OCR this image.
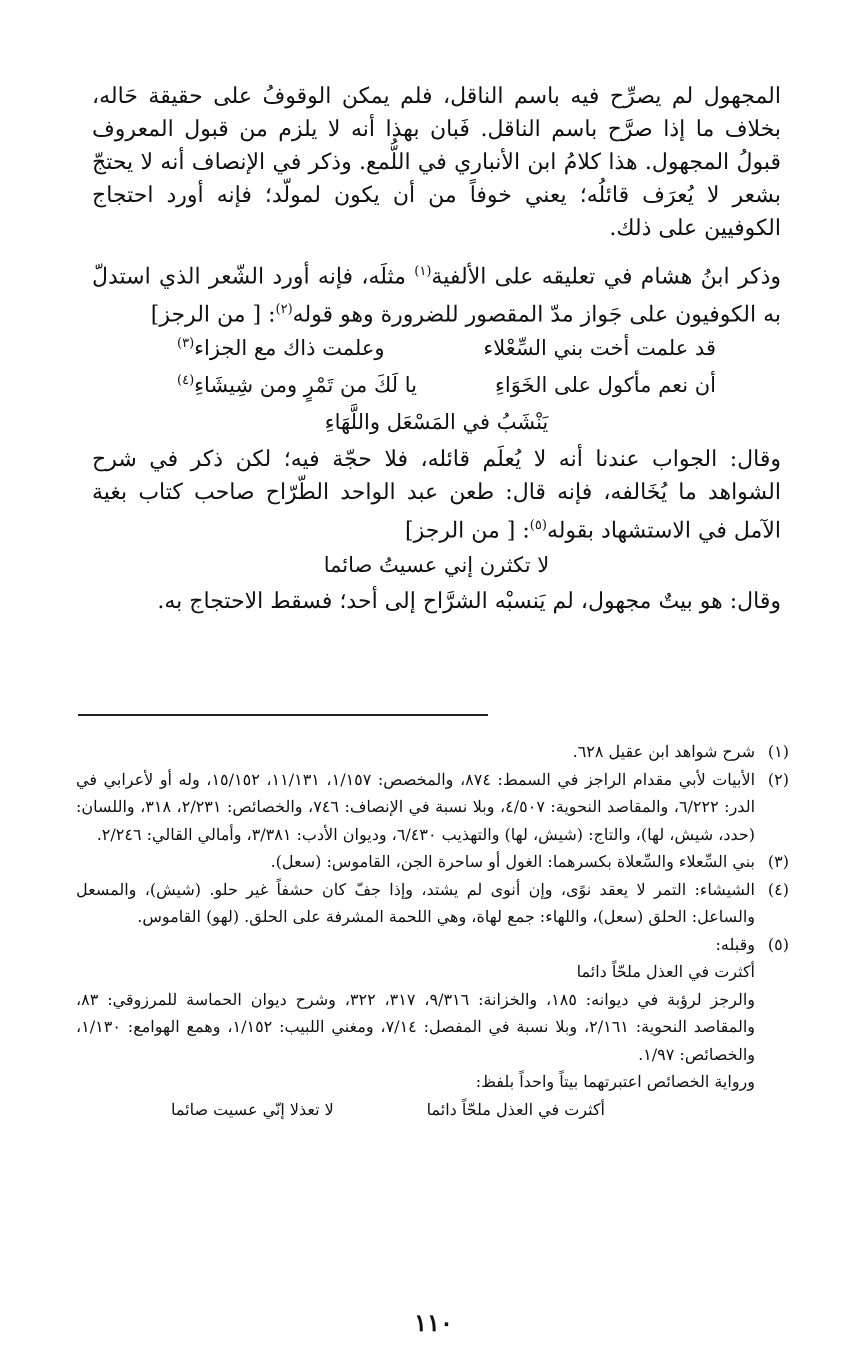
المجهول لم يصرِّح فيه باسم الناقل، فلم يمكن الوقوفُ على حقيقة حَاله، بخلاف ما إذا صرَّح باسم الناقل. فَبان بهذا أنه لا يلزم من قبول المعروف قبولُ المجهول. هذا كلامُ ابن الأنباري في اللُّمع. وذكر في الإنصاف أنه لا يحتجّ بشعر لا يُعرَف قائلُه؛ يعني خوفاً من أن يكون لمولّد؛ فإنه أورد احتجاج الكوفيين على ذلك.

وذكر ابنُ هشام في تعليقه على الألفية$^{(١)}$ مثلَه، فإنه أورد الشّعر الذي استدلّ به الكوفيون على جَواز مدّ المقصور للضرورة وهو قوله$^{(٢)}$: [ من الرجز]

قد علمت أخت بني السِّعْلاء
وعلمت ذاك مع الجزاء$^{(٣)}$
أن نعم مأكول على الخَوَاءِ
يا لَكَ من تَمْرٍ ومن شِيشَاءِ$^{(٤)}$
يَنْشَبُ في المَسْعَل واللَّهَاءِ

وقال: الجواب عندنا أنه لا يُعلَم قائله، فلا حجّة فيه؛ لكن ذكر في شرح الشواهد ما يُخَالفه، فإنه قال: طعن عبد الواحد الطّرّاح صاحب كتاب بغية الآمل في الاستشهاد بقوله$^{(٥)}$: [ من الرجز]

لا تكثرن إني عسيتُ صائما

وقال: هو بيتٌ مجهول، لم يَنسبْه الشرَّاح إلى أحد؛ فسقط الاحتجاج به.

(١)
شرح شواهد ابن عقيل ٦٢٨.
(٢)
الأبيات لأبي مقدام الراجز في السمط: ٨٧٤، والمخصص: ١/١٥٧، ١١/١٣١، ١٥/١٥٢، وله أو لأعرابي في الدر: ٦/٢٢٢، والمقاصد النحوية: ٤/٥٠٧، وبلا نسبة في الإنصاف: ٧٤٦، والخصائص: ٢/٢٣١، ٣١٨، واللسان: (حدد، شيش، لها)، والتاج: (شيش، لها) والتهذيب ٦/٤٣٠، وديوان الأدب: ٣/٣٨١، وأمالي القالي: ٢/٢٤٦.
(٣)
بني السِّعلاء والسِّعلاة بكسرهما: الغول أو ساحرة الجن، القاموس: (سعل).
(٤)
الشيشاء: التمر لا يعقد نوًى، وإن أنوى لم يشتد، وإذا جفّ كان حشفاً غير حلو. (شيش)، والمسعل والساعل: الحلق (سعل)، واللهاء: جمع لهاة، وهي اللحمة المشرفة على الحلق. (لهو) القاموس.
(٥)
وقبله:
أكثرت في العذل ملحّاً دائما
والرجز لرؤبة في ديوانه: ١٨٥، والخزانة: ٩/٣١٦، ٣١٧، ٣٢٢، وشرح ديوان الحماسة للمرزوقي: ٨٣، والمقاصد النحوية: ٢/١٦١، وبلا نسبة في المفصل: ٧/١٤، ومغني اللبيب: ١/١٥٢، وهمع الهوامع: ١/١٣٠، والخصائص: ١/٩٧.
ورواية الخصائص اعتبرتهما بيتاً واحداً بلفظ:
أكثرت في العذل ملحّاً دائما
لا تعذلا إنّي عسيت صائما
١١٠
